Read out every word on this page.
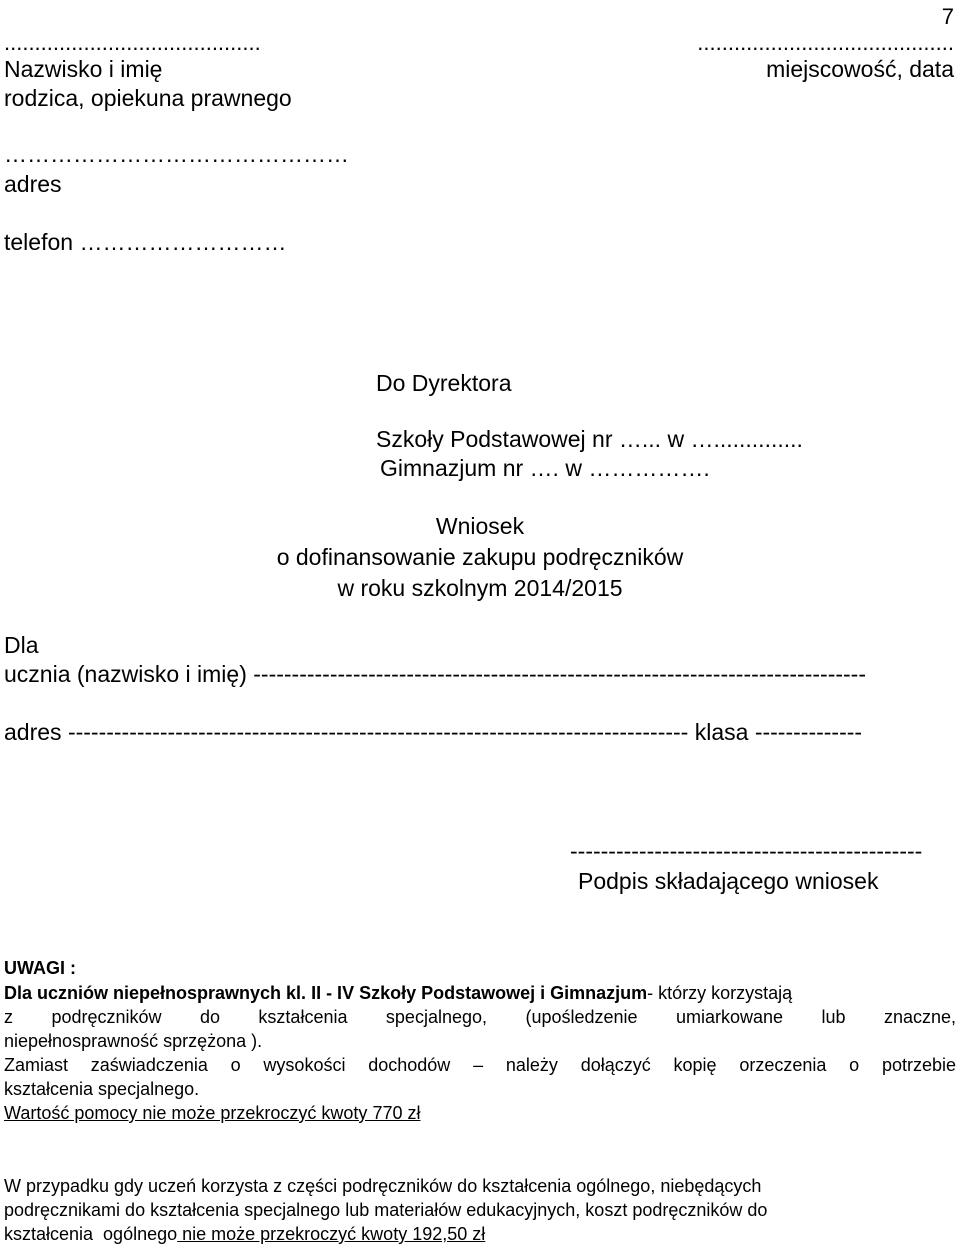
7
..........................................	..........................................
Nazwisko i imię	miejscowość, data
rodzica, opiekuna prawnego
………………………………………
adres
telefon ………………………
Do Dyrektora
Szkoły Podstawowej nr …... w …..............
Gimnazjum nr …. w …………….
Wniosek
o dofinansowanie zakupu podręczników
w roku szkolnym 2014/2015
Dla
ucznia (nazwisko i imię) --------------------------------------------------------------------------------
adres --------------------------------------------------------------------------------- klasa --------------
----------------------------------------------
Podpis składającego wniosek
UWAGI :
Dla uczniów niepełnosprawnych kl. II - IV Szkoły Podstawowej i Gimnazjum- którzy korzystają
z podręczników do kształcenia specjalnego, (upośledzenie umiarkowane lub znaczne,
niepełnosprawność sprzężona ).
Zamiast zaświadczenia o wysokości dochodów – należy dołączyć kopię orzeczenia o potrzebie
kształcenia specjalnego.
Wartość pomocy nie może przekroczyć kwoty 770 zł
W przypadku gdy uczeń korzysta z części podręczników do kształcenia ogólnego, niebędących
podręcznikami do kształcenia specjalnego lub materiałów edukacyjnych, koszt podręczników do
kształcenia  ogólnego nie może przekroczyć kwoty 192,50 zł
